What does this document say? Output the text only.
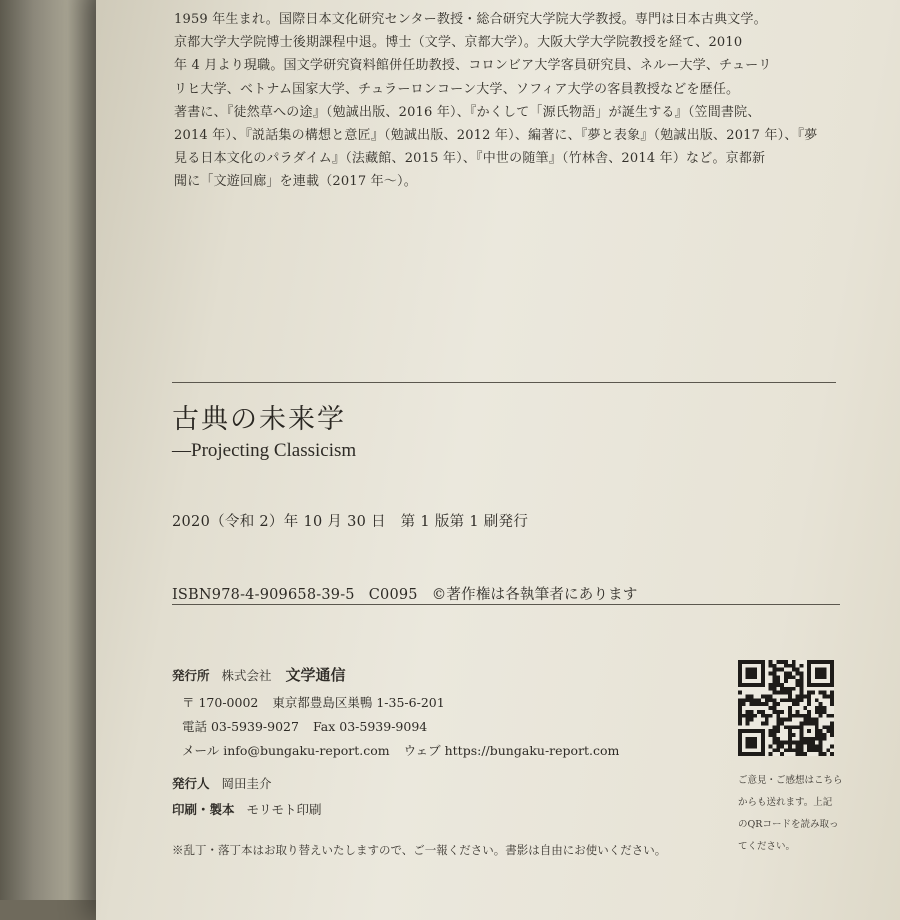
1959 年生まれ。国際日本文化研究センター教授・総合研究大学院大学教授。専門は日本古典文学。
京都大学大学院博士後期課程中退。博士（文学、京都大学）。大阪大学大学院教授を経て、2010
年 4 月より現職。国文学研究資料館併任助教授、コロンビア大学客員研究員、ネルー大学、チューリ
リヒ大学、ベトナム国家大学、チュラーロンコーン大学、ソフィア大学の客員教授などを歴任。
著書に、『徒然草への途』（勉誠出版、2016 年）、『かくして「源氏物語」が誕生する』（笠間書院、
2014 年）、『説話集の構想と意匠』（勉誠出版、2012 年）、編著に、『夢と表象』（勉誠出版、2017 年）、『夢
見る日本文化のパラダイム』（法藏館、2015 年）、『中世の随筆』（竹林舎、2014 年）など。京都新
聞に「文遊回廊」を連載（2017 年〜）。
古典の未来学
—Projecting Classicism
2020（令和 2）年 10 月 30 日　第 1 版第 1 刷発行
ISBN978-4-909658-39-5 C0095 ©著作権は各執筆者にあります
発行所 株式会社 文学通信
〒 170-0002 東京都豊島区巣鴨 1-35-6-201
電話 03-5939-9027 Fax 03-5939-9094
メール info@bungaku-report.com ウェブ https://bungaku-report.com
発行人 岡田圭介
印刷・製本 モリモト印刷
※乱丁・落丁本はお取り替えいたしますので、ご一報ください。書影は自由にお使いください。
ご意見・ご感想はこちら
からも送れます。上記
のQRコードを読み取っ
てください。
